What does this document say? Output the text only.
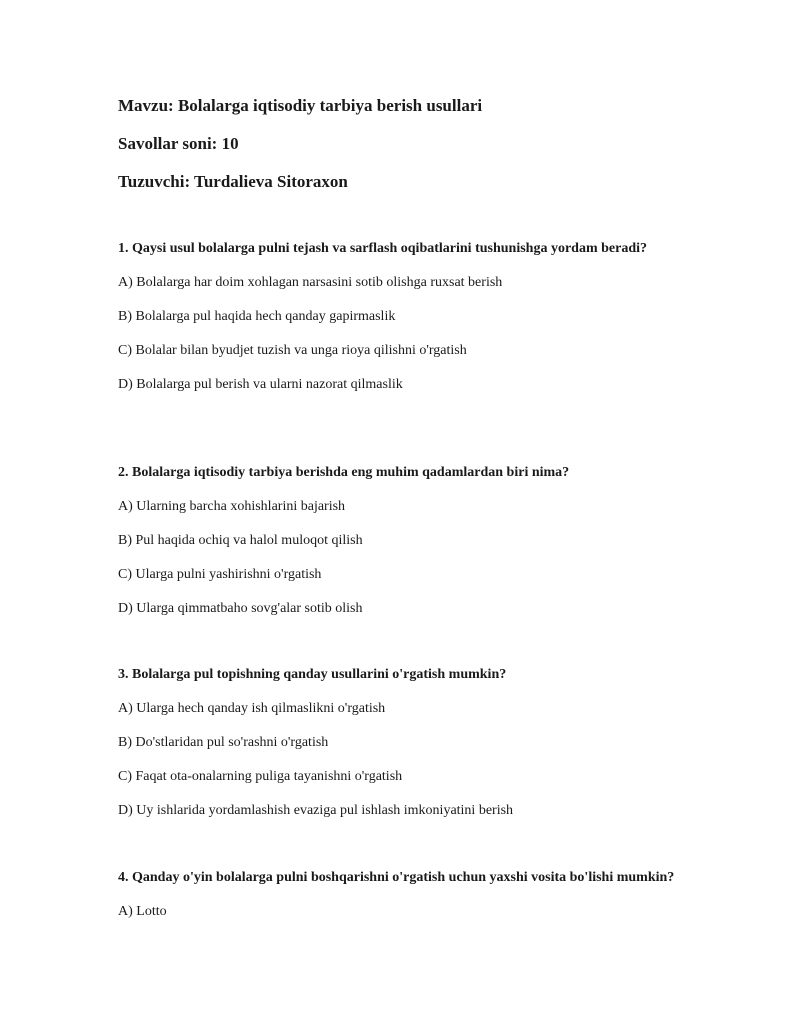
Mavzu: Bolalarga iqtisodiy tarbiya berish usullari

Savollar soni: 10

Tuzuvchi: Turdalieva Sitoraxon

1. Qaysi usul bolalarga pulni tejash va sarflash oqibatlarini tushunishga yordam beradi?

A) Bolalarga har doim xohlagan narsasini sotib olishga ruxsat berish
B) Bolalarga pul haqida hech qanday gapirmaslik
C) Bolalar bilan byudjet tuzish va unga rioya qilishni o'rgatish
D) Bolalarga pul berish va ularni nazorat qilmaslik

2. Bolalarga iqtisodiy tarbiya berishda eng muhim qadamlardan biri nima?

A) Ularning barcha xohishlarini bajarish
B) Pul haqida ochiq va halol muloqot qilish
C) Ularga pulni yashirishni o'rgatish
D) Ularga qimmatbaho sovg'alar sotib olish

3. Bolalarga pul topishning qanday usullarini o'rgatish mumkin?

A) Ularga hech qanday ish qilmaslikni o'rgatish
B) Do'stlaridan pul so'rashni o'rgatish
C) Faqat ota-onalarning puliga tayanishni o'rgatish
D) Uy ishlarida yordamlashish evaziga pul ishlash imkoniyatini berish

4. Qanday o'yin bolalarga pulni boshqarishni o'rgatish uchun yaxshi vosita bo'lishi mumkin?

A) Lotto
